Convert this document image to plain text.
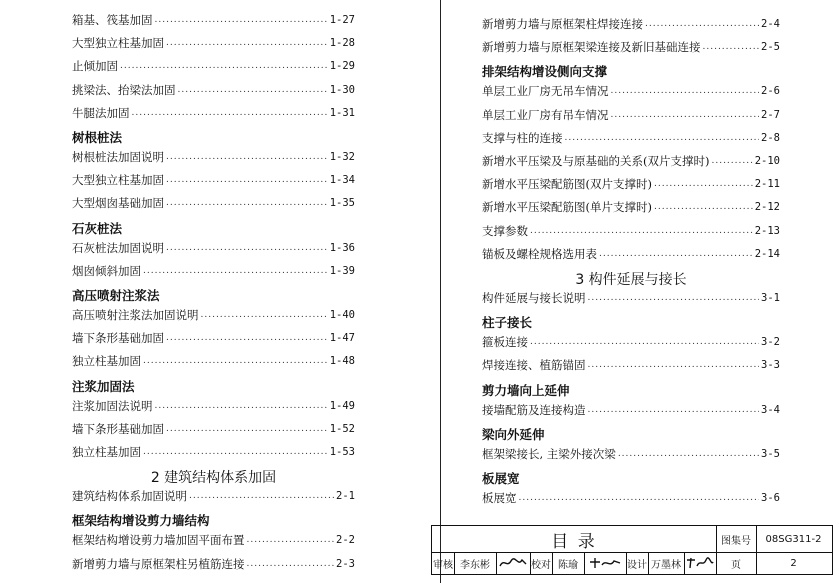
箱基、筏基加固 .....	1-27
大型独立柱基加固 .....	1-28
止倾加固 .....	1-29
挑梁法、抬梁法加固 .....	1-30
牛腿法加固 .....	1-31
树根桩法
树根桩法加固说明 .....	1-32
大型独立柱基加固 .....	1-34
大型烟囱基础加固 .....	1-35
石灰桩法
石灰桩法加固说明 .....	1-36
烟囱倾斜加固 .....	1-39
高压喷射注浆法
高压喷射注浆法加固说明 .....	1-40
墙下条形基础加固 .....	1-47
独立柱基加固 .....	1-48
注浆加固法
注浆加固法说明 .....	1-49
墙下条形基础加固 .....	1-52
独立柱基加固 .....	1-53
2 建筑结构体系加固
建筑结构体系加固说明 .....	2-1
框架结构增设剪力墙结构
框架结构增设剪力墙加固平面布置 .....	2-2
新增剪力墙与原框架柱另植筋连接 .....	2-3
新增剪力墙与原框架柱焊接连接 .....	2-4
新增剪力墙与原框架梁连接及新旧基础连接 .....	2-5
排架结构增设侧向支撑
单层工业厂房无吊车情况 .....	2-6
单层工业厂房有吊车情况 .....	2-7
支撑与柱的连接 .....	2-8
新增水平压梁及与原基础的关系(双片支撑时) .....	2-10
新增水平压梁配筋图(双片支撑时) .....	2-11
新增水平压梁配筋图(单片支撑时) .....	2-12
支撑参数 .....	2-13
锚板及螺栓规格选用表 .....	2-14
3 构件延展与接长
构件延展与接长说明 .....	3-1
柱子接长
箍板连接 .....	3-2
焊接连接、植筋锚固 .....	3-3
剪力墙向上延伸
接墙配筋及连接构造 .....	3-4
梁向外延伸
框架梁接长, 主梁外接次梁 .....	3-5
板展宽
板展宽 .....	3-6
目 录	图集号	08SG311-2
审核 李东彬	校对 陈瑜	设计 万墨林	页	2
